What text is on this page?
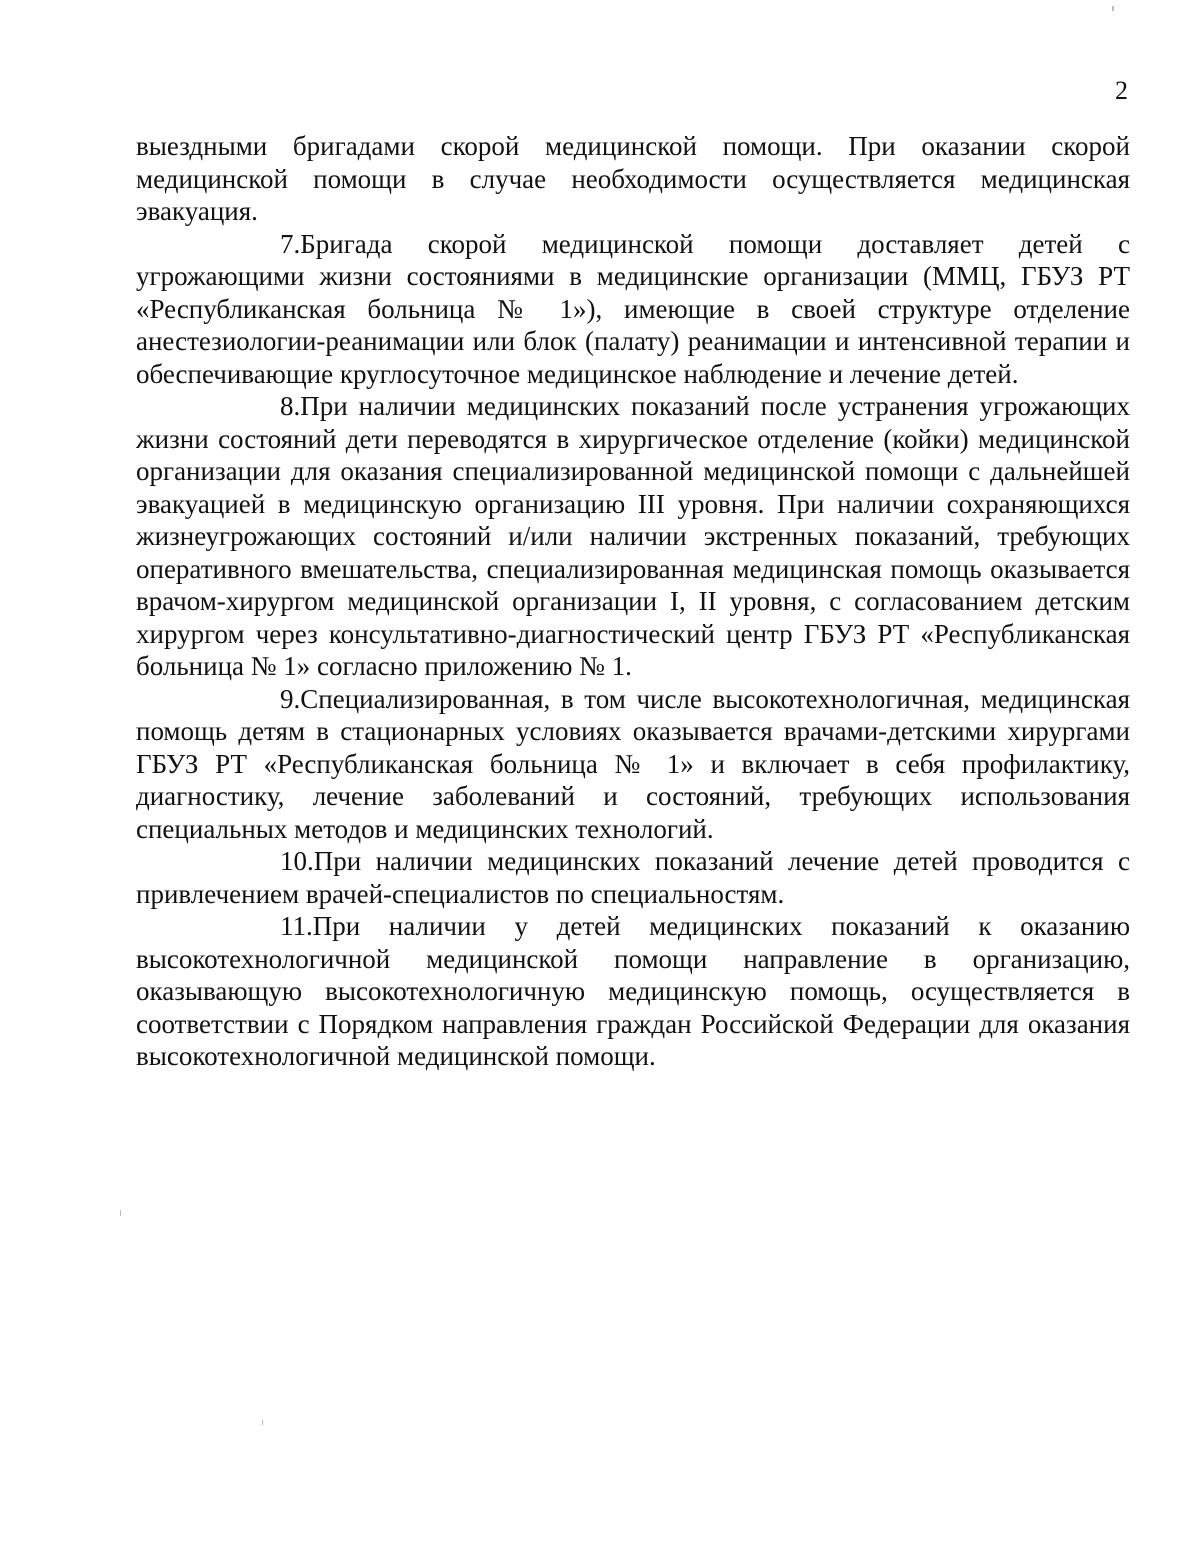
2

выездными бригадами скорой медицинской помощи. При оказании скорой медицинской помощи в случае необходимости осуществляется медицинская эвакуация.

7.Бригада скорой медицинской помощи доставляет детей с угрожающими жизни состояниями в медицинские организации (ММЦ, ГБУЗ РТ «Республиканская больница № 1»), имеющие в своей структуре отделение анестезиологии-реанимации или блок (палату) реанимации и интенсивной терапии и обеспечивающие круглосуточное медицинское наблюдение и лечение детей.

8.При наличии медицинских показаний после устранения угрожающих жизни состояний дети переводятся в хирургическое отделение (койки) медицинской организации для оказания специализированной медицинской помощи с дальнейшей эвакуацией в медицинскую организацию III уровня. При наличии сохраняющихся жизнеугрожающих состояний и/или наличии экстренных показаний, требующих оперативного вмешательства, специализированная медицинская помощь оказывается врачом-хирургом медицинской организации I, II уровня, с согласованием детским хирургом через консультативно-диагностический центр ГБУЗ РТ «Республиканская больница № 1» согласно приложению № 1.

9.Специализированная, в том числе высокотехнологичная, медицинская помощь детям в стационарных условиях оказывается врачами-детскими хирургами ГБУЗ РТ «Республиканская больница № 1» и включает в себя профилактику, диагностику, лечение заболеваний и состояний, требующих использования специальных методов и медицинских технологий.

10.При наличии медицинских показаний лечение детей проводится с привлечением врачей-специалистов по специальностям.

11.При наличии у детей медицинских показаний к оказанию высокотехнологичной медицинской помощи направление в организацию, оказывающую высокотехнологичную медицинскую помощь, осуществляется в соответствии с Порядком направления граждан Российской Федерации для оказания высокотехнологичной медицинской помощи.
